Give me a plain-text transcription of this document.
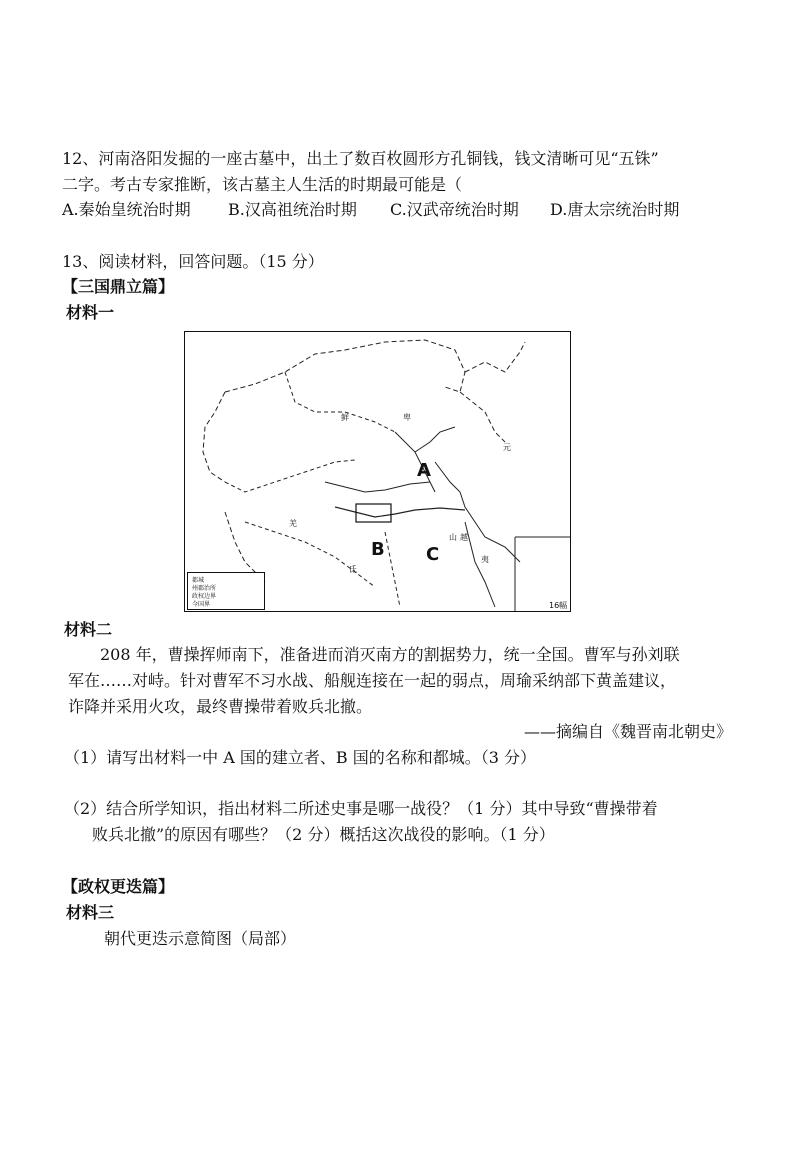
12、河南洛阳发掘的一座古墓中，出土了数百枚圆形方孔铜钱，钱文清晰可见“五铢”
二字。考古专家推断，该古墓主人生活的时期最可能是（
A.秦始皇统治时期 B.汉高祖统治时期 C.汉武帝统治时期 D.唐太宗统治时期
13、阅读材料，回答问题。（15 分）
【三国鼎立篇】
材料一
鲜	卑
元
A
B C
山 越
羌
氐
夷
16幅
都城
州郡治所
政权边界
今国界
材料二
208 年，曹操挥师南下，准备进而消灭南方的割据势力，统一全国。曹军与孙刘联
军在……对峙。针对曹军不习水战、船舰连接在一起的弱点，周瑜采纳部下黄盖建议，
诈降并采用火攻，最终曹操带着败兵北撤。
——摘编自《魏晋南北朝史》
（1）请写出材料一中 A 国的建立者、B 国的名称和都城。（3 分）
（2）结合所学知识，指出材料二所述史事是哪一战役？（1 分）其中导致“曹操带着
败兵北撤”的原因有哪些？（2 分）概括这次战役的影响。（1 分）
【政权更迭篇】
材料三
朝代更迭示意简图（局部）
